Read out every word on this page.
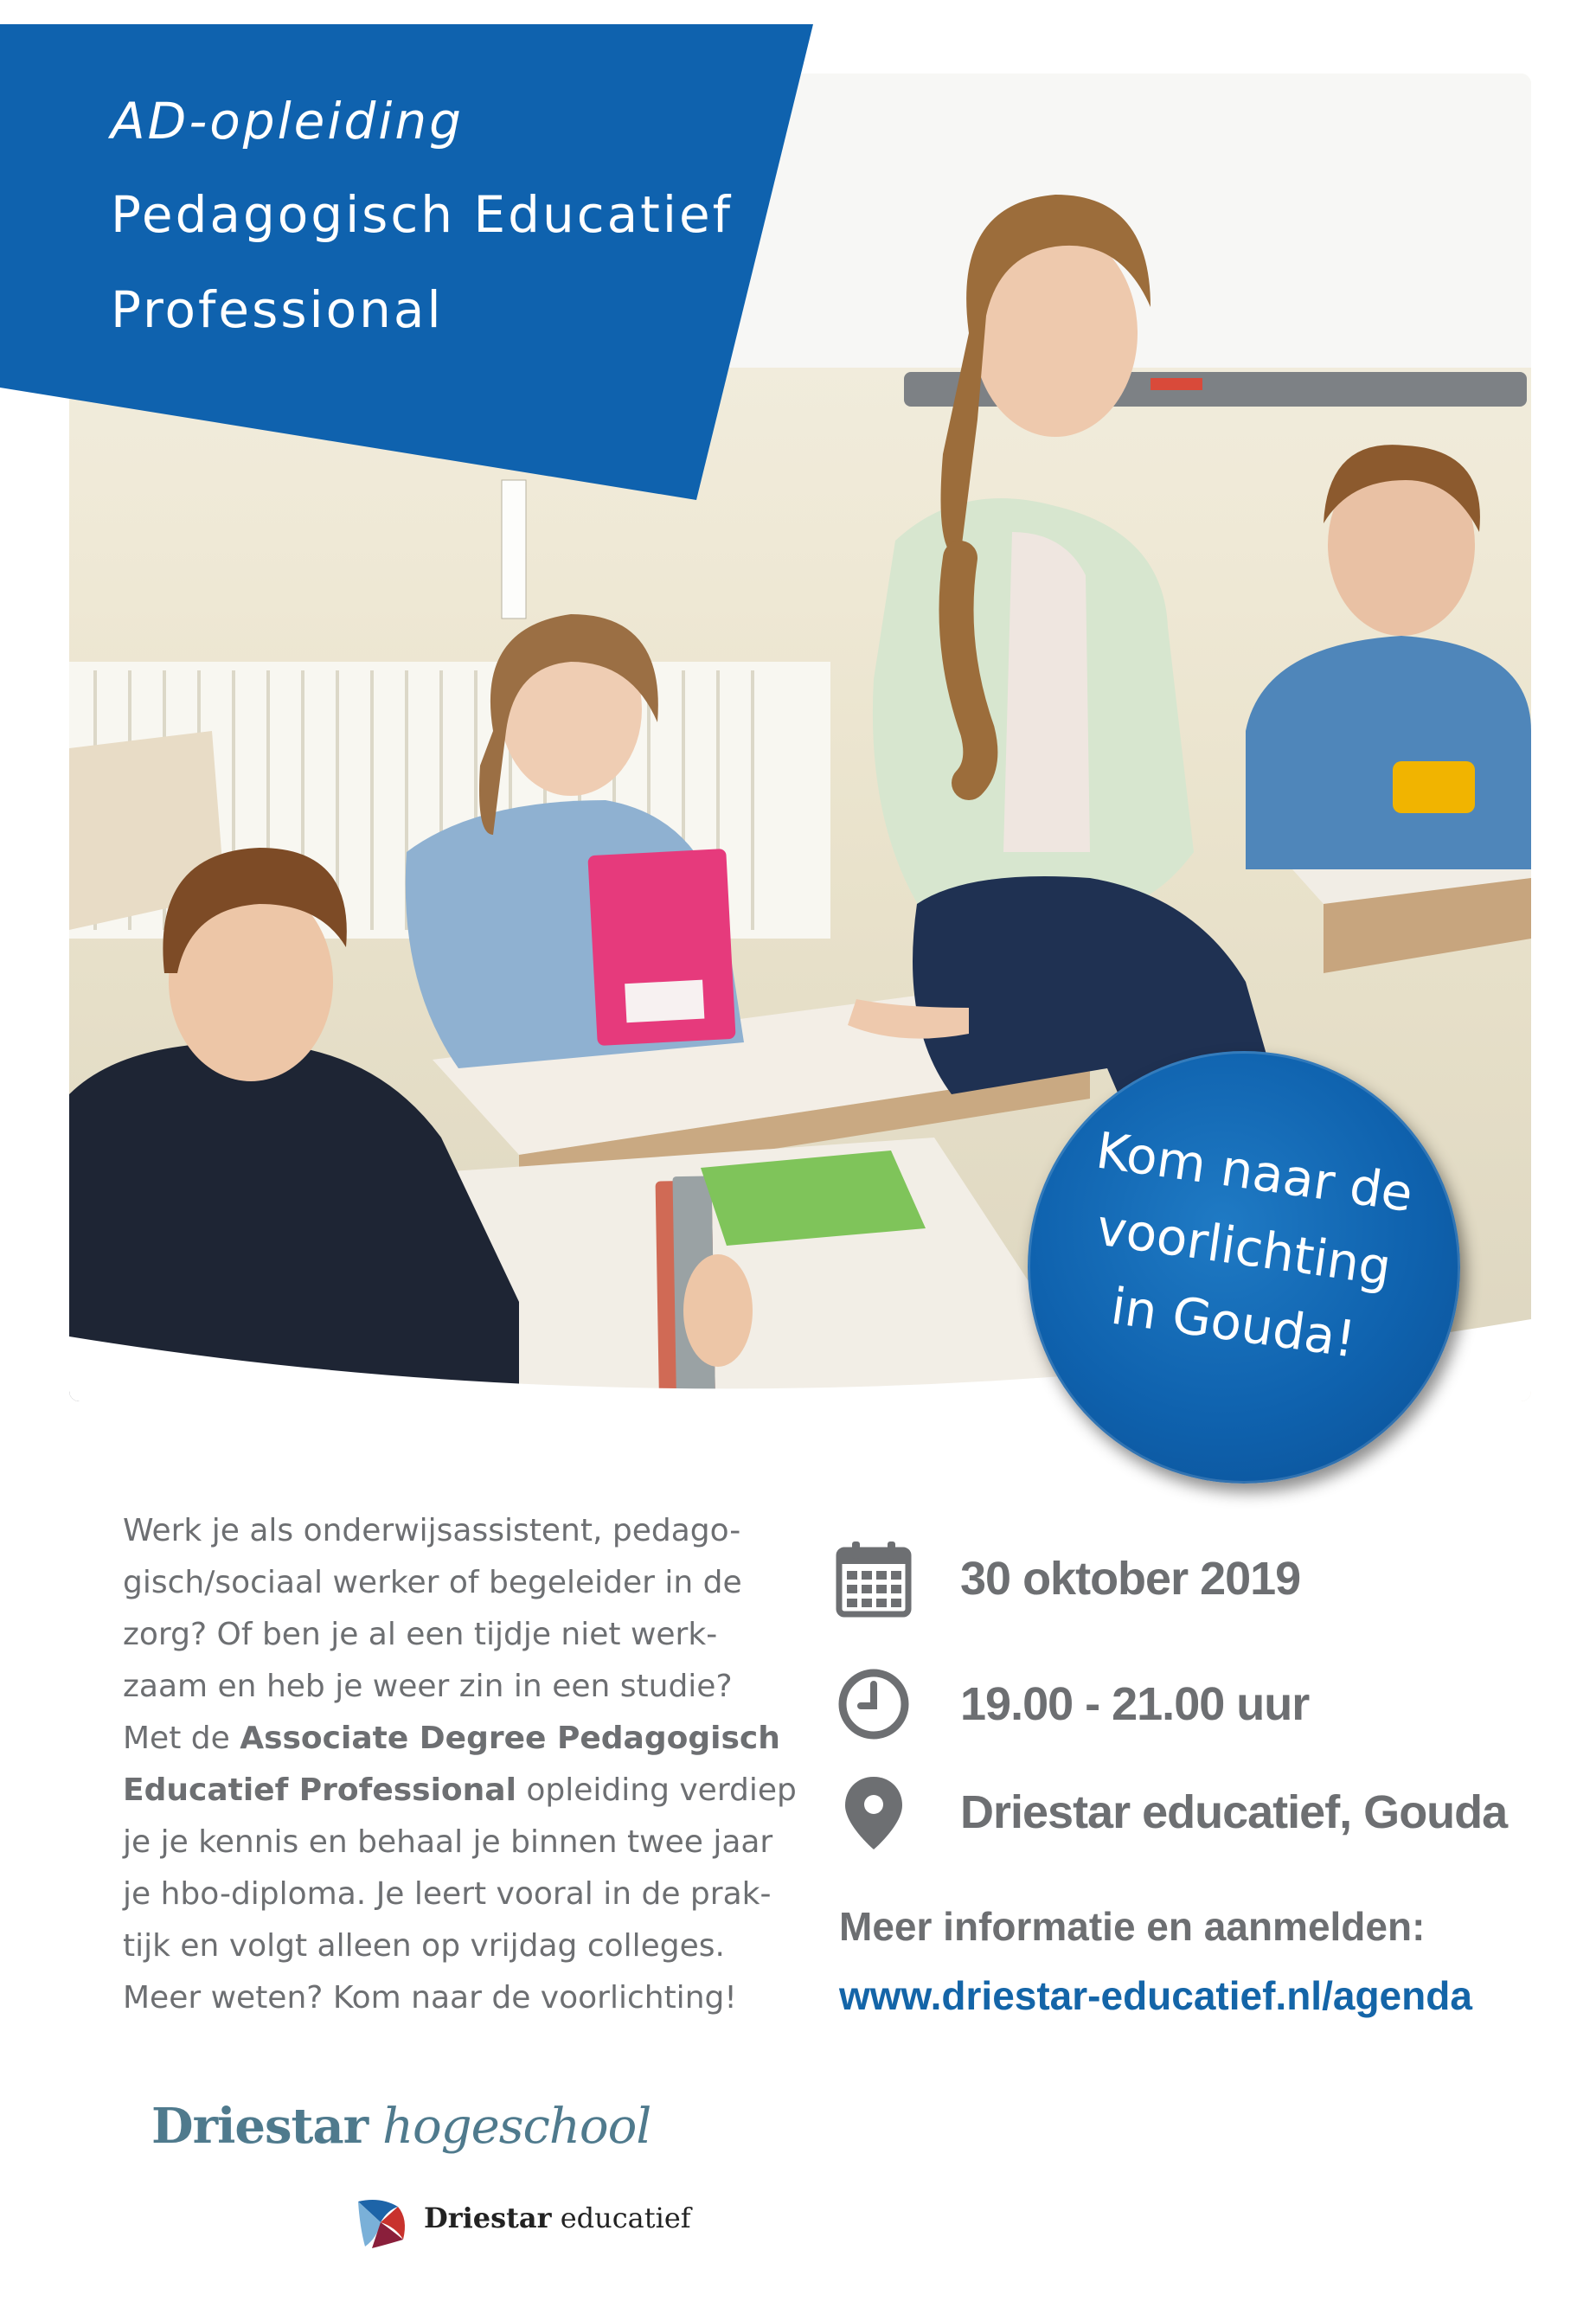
AD-opleiding
Pedagogisch Educatief
Professional
Kom naar de
voorlichting
in Gouda!
Werk je als onderwijsassistent, pedago-
gisch/sociaal werker of begeleider in de
zorg? Of ben je al een tijdje niet werk-
zaam en heb je weer zin in een studie?
Met de Associate Degree Pedagogisch
Educatief Professional opleiding verdiep
je je kennis en behaal je binnen twee jaar
je hbo-diploma. Je leert vooral in de prak-
tijk en volgt alleen op vrijdag colleges.
Meer weten? Kom naar de voorlichting!
30 oktober 2019
19.00 - 21.00 uur
Driestar educatief, Gouda
Meer informatie en aanmelden:
www.driestar-educatief.nl/agenda
Driestar hogeschool
Driestar educatief
